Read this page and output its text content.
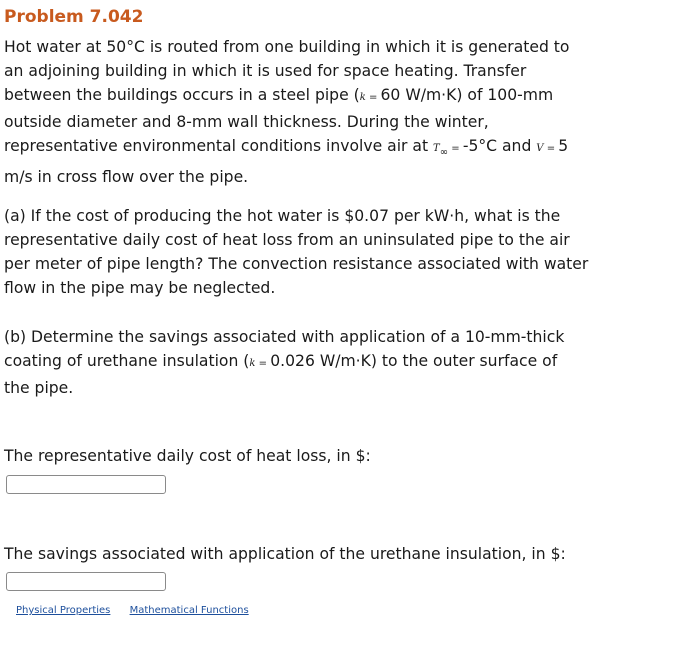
Problem 7.042

Hot water at 50°C is routed from one building in which it is generated to
an adjoining building in which it is used for space heating. Transfer
between the buildings occurs in a steel pipe (k = 60 W/m·K) of 100-mm
outside diameter and 8-mm wall thickness. During the winter,
representative environmental conditions involve air at $T_\infty = -5^\circ C$ and V = 5
m/s in cross flow over the pipe.

(a) If the cost of producing the hot water is $0.07 per kW·h, what is the
representative daily cost of heat loss from an uninsulated pipe to the air
per meter of pipe length? The convection resistance associated with water
flow in the pipe may be neglected.

(b) Determine the savings associated with application of a 10-mm-thick
coating of urethane insulation (k = 0.026 W/m·K) to the outer surface of
the pipe.

The representative daily cost of heat loss, in $:

The savings associated with application of the urethane insulation, in $:

Physical Properties Mathematical Functions
